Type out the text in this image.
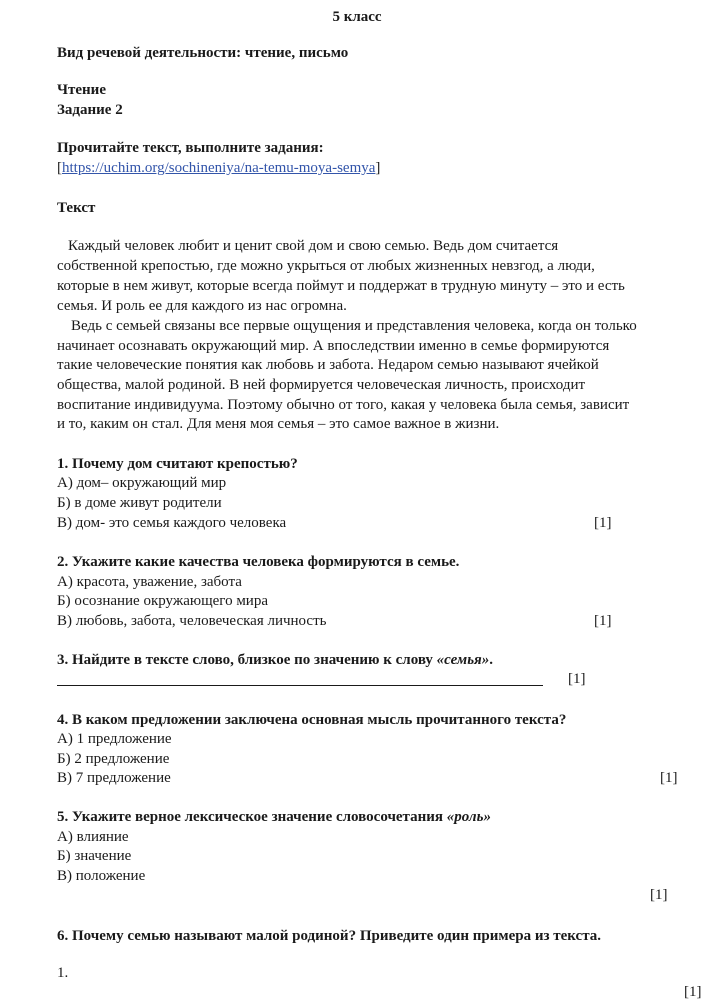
5 класс
Вид речевой деятельности: чтение, письмо
Чтение
Задание 2
Прочитайте текст, выполните задания:
[https://uchim.org/sochineniya/na-temu-moya-semya]
Текст
Каждый человек любит и ценит свой дом и свою семью. Ведь дом считается
собственной крепостью, где можно укрыться от любых жизненных невзгод, а люди,
которые в нем живут, которые всегда поймут и поддержат в трудную минуту – это и есть
семья. И роль ее для каждого из нас огромна.
Ведь с семьей связаны все первые ощущения и представления человека, когда он только
начинает осознавать окружающий мир. А впоследствии именно в семье формируются
такие человеческие понятия как любовь и забота. Недаром семью называют ячейкой
общества, малой родиной. В ней формируется человеческая личность, происходит
воспитание индивидуума. Поэтому обычно от того, какая у человека была семья, зависит
и то, каким он стал. Для меня моя семья – это самое важное в жизни.
1. Почему дом считают крепостью?
А) дом– окружающий мир
Б) в доме живут родители
В) дом- это семья каждого человека	[1]
2. Укажите какие качества человека формируются в семье.
А) красота, уважение, забота
Б) осознание окружающего мира
В) любовь, забота, человеческая личность	[1]
3. Найдите в тексте слово, близкое по значению к слову «семья».
[1]
4. В каком предложении заключена основная мысль прочитанного текста?
А) 1 предложение
Б) 2 предложение
В) 7 предложение	[1]
5. Укажите верное лексическое значение словосочетания «роль»
А) влияние
Б) значение
В) положение
[1]
6. Почему семью называют малой родиной? Приведите один примера из текста.
1.
[1]
